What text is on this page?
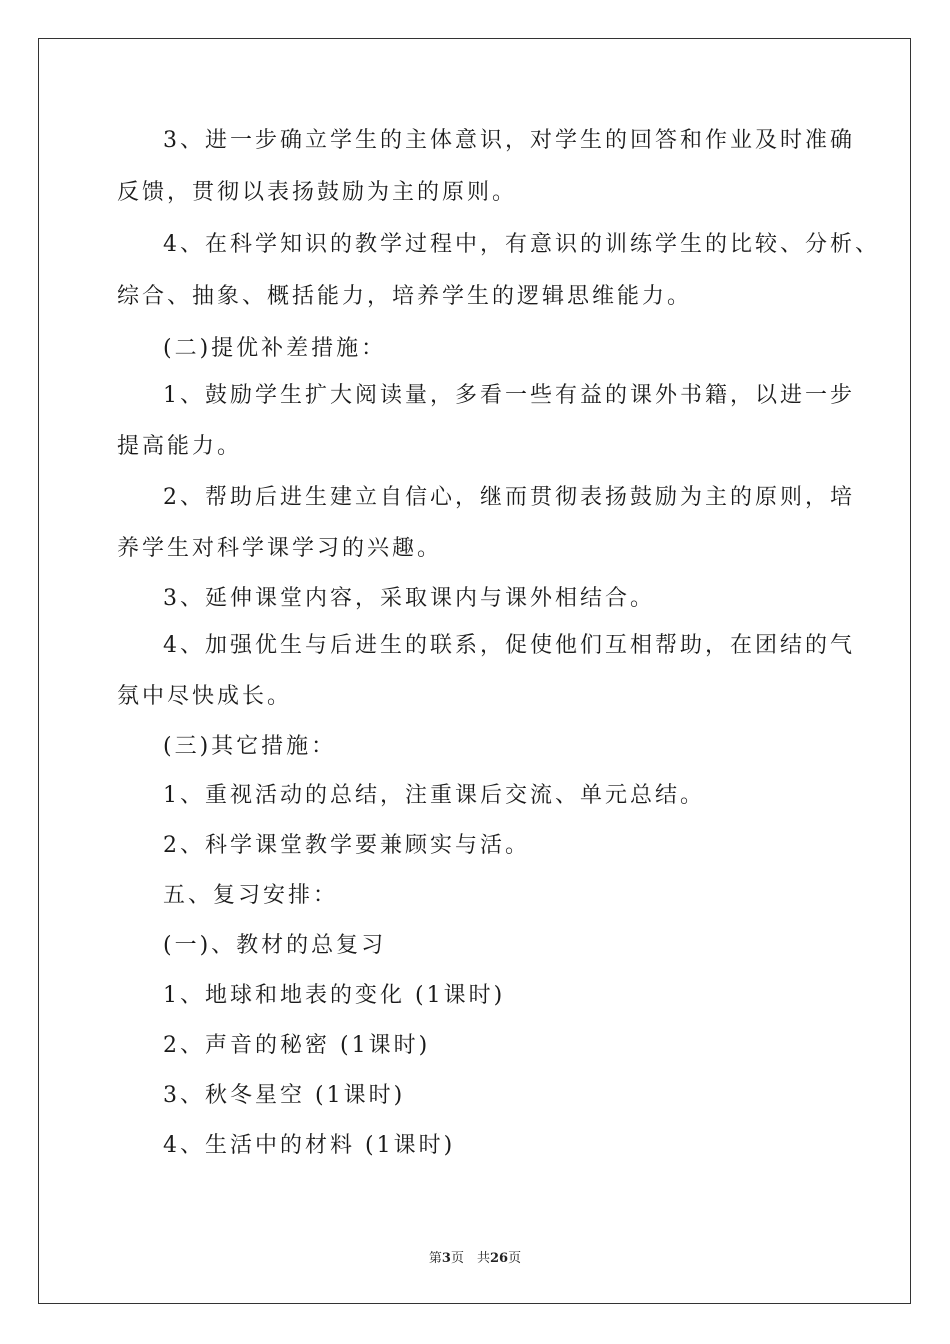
3、进一步确立学生的主体意识，对学生的回答和作业及时准确
反馈，贯彻以表扬鼓励为主的原则。
4、在科学知识的教学过程中，有意识的训练学生的比较、分析、
综合、抽象、概括能力，培养学生的逻辑思维能力。
(二)提优补差措施：
1、鼓励学生扩大阅读量，多看一些有益的课外书籍，以进一步
提高能力。
2、帮助后进生建立自信心，继而贯彻表扬鼓励为主的原则，培
养学生对科学课学习的兴趣。
3、延伸课堂内容，采取课内与课外相结合。
4、加强优生与后进生的联系，促使他们互相帮助，在团结的气
氛中尽快成长。
(三)其它措施：
1、重视活动的总结，注重课后交流、单元总结。
2、科学课堂教学要兼顾实与活。
五、复习安排：
(一)、教材的总复习
1、地球和地表的变化 (1课时)
2、声音的秘密 (1课时)
3、秋冬星空 (1课时)
4、生活中的材料 (1课时)
第3页　共26页
